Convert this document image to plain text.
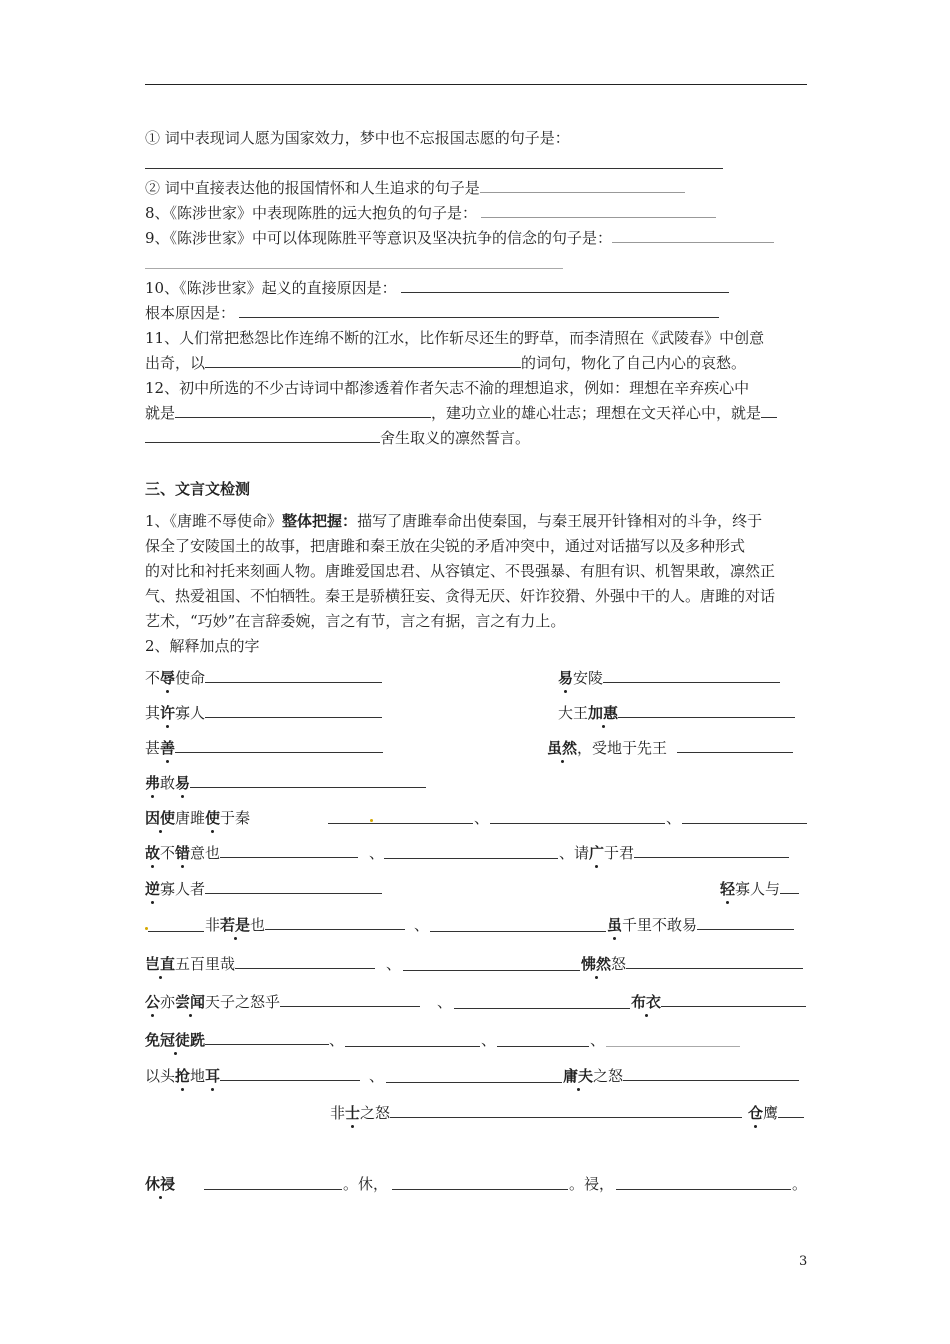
① 词中表现词人愿为国家效力，梦中也不忘报国志愿的句子是：
② 词中直接表达他的报国情怀和人生追求的句子是
8、《陈涉世家》中表现陈胜的远大抱负的句子是：
9、《陈涉世家》中可以体现陈胜平等意识及坚决抗争的信念的句子是：
10、《陈涉世家》起义的直接原因是：
根本原因是：
11、人们常把愁怨比作连绵不断的江水，比作斩尽还生的野草，而李清照在《武陵春》中创意
出奇，以	的词句，物化了自己内心的哀愁。
12、初中所选的不少古诗词中都渗透着作者矢志不渝的理想追求，例如：理想在辛弃疾心中
就是	，建功立业的雄心壮志；理想在文天祥心中，就是
舍生取义的凛然誓言。
三、文言文检测
1、《唐雎不辱使命》整体把握：描写了唐雎奉命出使秦国，与秦王展开针锋相对的斗争，终于
保全了安陵国土的故事，把唐雎和秦王放在尖锐的矛盾冲突中，通过对话描写以及多种形式
的对比和衬托来刻画人物。唐雎爱国忠君、从容镇定、不畏强暴、有胆有识、机智果敢，凛然正
气、热爱祖国、不怕牺牲。秦王是骄横狂妄、贪得无厌、奸诈狡猾、外强中干的人。唐雎的对话
艺术，“巧妙”在言辞委婉，言之有节，言之有据，言之有力上。
2、解释加点的字
不辱使命	易安陵
其许寡人	大王加惠
甚善	虽然，受地于先王
弗敢易
因使唐雎使于秦	、	、
故不错意也	、	、请广于君
逆寡人者	轻寡人与
非若是也	、	虽千里不敢易
岂直五百里哉	、	怫然怒
公亦尝闻天子之怒乎	、	布衣
免冠徒跣	、	、	、
以头抢地耳	、	庸夫之怒
非士之怒	仓鹰
休祲	。休，	。祲，	。
3
